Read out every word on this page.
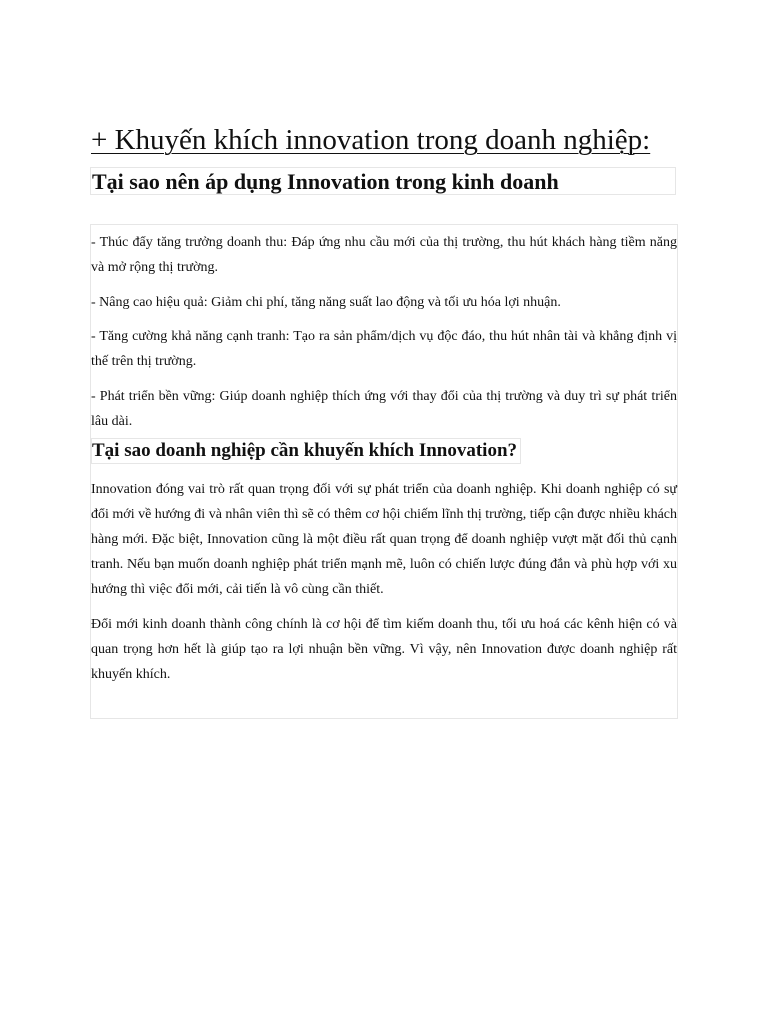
+ Khuyến khích innovation trong doanh nghiệp:
Tại sao nên áp dụng Innovation trong kinh doanh

- Thúc đẩy tăng trưởng doanh thu: Đáp ứng nhu cầu mới của thị trường, thu hút khách hàng tiềm năng và mở rộng thị trường.

- Nâng cao hiệu quả: Giảm chi phí, tăng năng suất lao động và tối ưu hóa lợi nhuận.

- Tăng cường khả năng cạnh tranh: Tạo ra sản phẩm/dịch vụ độc đáo, thu hút nhân tài và khẳng định vị thế trên thị trường.

- Phát triển bền vững: Giúp doanh nghiệp thích ứng với thay đổi của thị trường và duy trì sự phát triển lâu dài.

Tại sao doanh nghiệp cần khuyến khích Innovation?

Innovation đóng vai trò rất quan trọng đối với sự phát triển của doanh nghiệp. Khi doanh nghiệp có sự đổi mới về hướng đi và nhân viên thì sẽ có thêm cơ hội chiếm lĩnh thị trường, tiếp cận được nhiều khách hàng mới. Đặc biệt, Innovation cũng là một điều rất quan trọng để doanh nghiệp vượt mặt đối thủ cạnh tranh. Nếu bạn muốn doanh nghiệp phát triển mạnh mẽ, luôn có chiến lược đúng đắn và phù hợp với xu hướng thì việc đổi mới, cải tiến là vô cùng cần thiết.

Đổi mới kinh doanh thành công chính là cơ hội để tìm kiếm doanh thu, tối ưu hoá các kênh hiện có và quan trọng hơn hết là giúp tạo ra lợi nhuận bền vững. Vì vậy, nên Innovation được doanh nghiệp rất khuyến khích.
